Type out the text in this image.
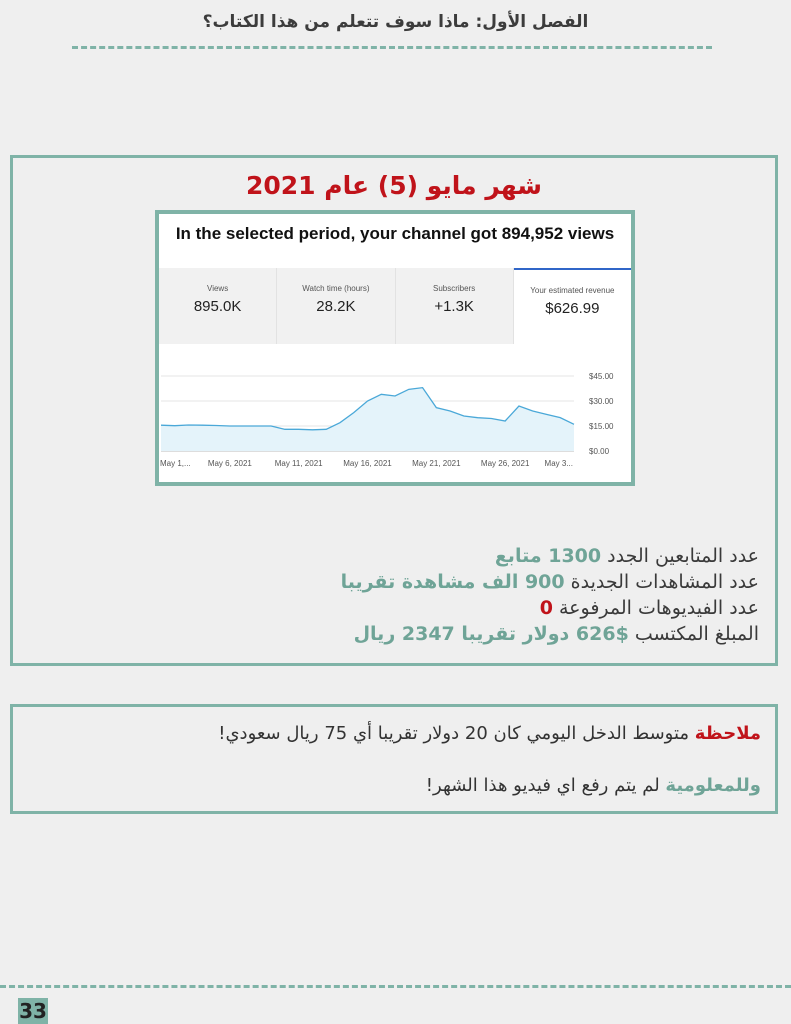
الفصل الأول: ماذا سوف تتعلم من هذا الكتاب؟
شهر مايو (5) عام 2021
In the selected period, your channel got 894,952 views
Views
895.0K
Watch time (hours)
28.2K
Subscribers
+1.3K
Your estimated revenue
$626.99
$0.00
$15.00
$30.00
$45.00
May 1,... May 6, 2021	May 11, 2021	May 16, 2021	May 21, 2021	May 26, 2021 May 3...
عدد المتابعين الجدد 1300 متابع
عدد المشاهدات الجديدة 900 الف مشاهدة تقريبا
عدد الفيديوهات المرفوعة 0
المبلغ المكتسب $626 دولار تقريبا 2347 ريال
ملاحظة متوسط الدخل اليومي كان 20 دولار تقريبا أي 75 ريال سعودي!
وللمعلومية لم يتم رفع اي فيديو هذا الشهر!
33
